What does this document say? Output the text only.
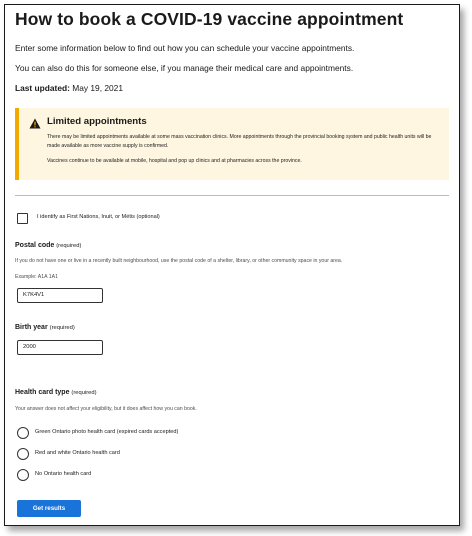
How to book a COVID-19 vaccine appointment
Enter some information below to find out how you can schedule your vaccine appointments.
You can also do this for someone else, if you manage their medical care and appointments.
Last updated: May 19, 2021
Limited appointments
There may be limited appointments available at some mass vaccination clinics. More appointments through the provincial booking system and public health units will be made available as more vaccine supply is confirmed.
Vaccines continue to be available at mobile, hospital and pop up clinics and at pharmacies across the province.
I identify as First Nations, Inuit, or Métis (optional)
Postal code (required)
If you do not have one or live in a recently built neighbourhood, use the postal code of a shelter, library, or other community space in your area.
Example: A1A 1A1
K7K4V1
Birth year (required)
2000
Health card type (required)
Your answer does not affect your eligibility, but it does affect how you can book.
Green Ontario photo health card (expired cards accepted)
Red and white Ontario health card
No Ontario health card
Get results
